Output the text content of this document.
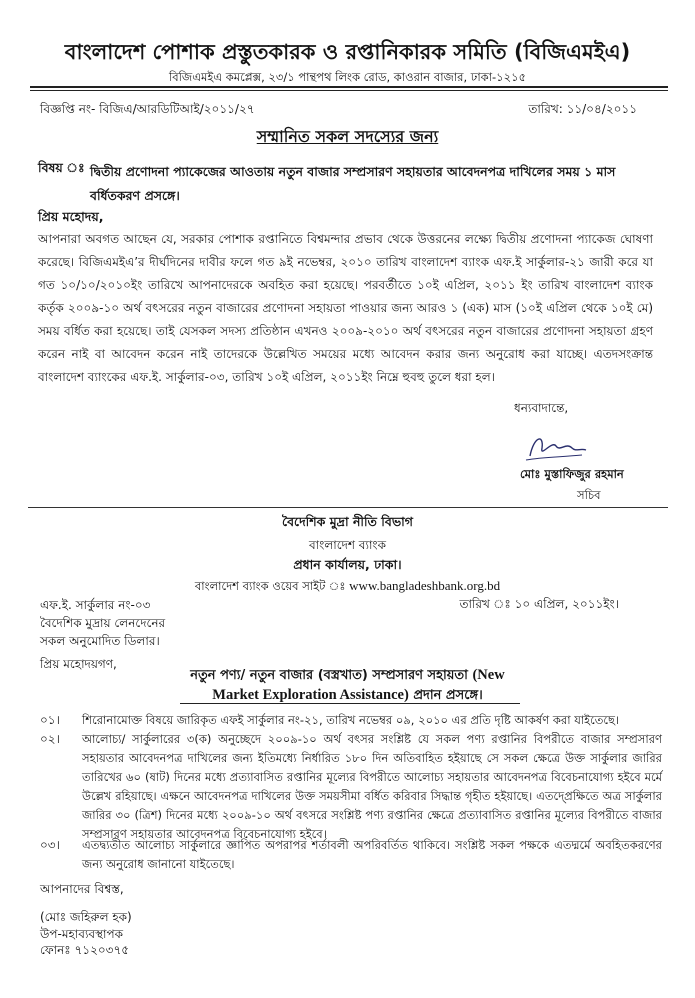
বাংলাদেশ পোশাক প্রস্তুতকারক ও রপ্তানিকারক সমিতি (বিজিএমইএ)
বিজিএমইএ কমপ্লেক্স, ২৩/১ পান্থপথ লিংক রোড, কাওরান বাজার, ঢাকা-১২১৫
বিজ্ঞপ্তি নং- বিজিএ/আরডিটিআই/২০১১/২৭	তারিখ: ১১/০৪/২০১১
সম্মানিত সকল সদস্যের জন্য
বিষয় ঃ দ্বিতীয় প্রণোদনা প্যাকেজের আওতায় নতুন বাজার সম্প্রসারণ সহায়তার আবেদনপত্র দাখিলের সময় ১ মাস বর্ধিতকরণ প্রসঙ্গে।
প্রিয় মহোদয়,
আপনারা অবগত আছেন যে, সরকার পোশাক রপ্তানিতে বিশ্বমন্দার প্রভাব থেকে উত্তরনের লক্ষ্যে দ্বিতীয় প্রণোদনা প্যাকেজ ঘোষণা করেছে। বিজিএমইএ’র দীর্ঘদিনের দাবীর ফলে গত ৯ই নভেম্বর, ২০১০ তারিখ বাংলাদেশ ব্যাংক এফ.ই সার্কুলার-২১ জারী করে যা গত ১০/১০/২০১০ইং তারিখে আপনাদেরকে অবহিত করা হয়েছে। পরবর্তীতে ১০ই এপ্রিল, ২০১১ ইং তারিখ বাংলাদেশ ব্যাংক কর্তৃক ২০০৯-১০ অর্থ বৎসরের নতুন বাজারের প্রণোদনা সহায়তা পাওয়ার জন্য আরও ১ (এক) মাস (১০ই এপ্রিল থেকে ১০ই মে) সময় বর্ধিত করা হয়েছে। তাই যেসকল সদস্য প্রতিষ্ঠান এখনও ২০০৯-২০১০ অর্থ বৎসরের নতুন বাজারের প্রণোদনা সহায়তা গ্রহণ করেন নাই বা আবেদন করেন নাই তাদেরকে উল্লেখিত সময়ের মধ্যে আবেদন করার জন্য অনুরোধ করা যাচ্ছে। এতদসংক্রান্ত বাংলাদেশ ব্যাংকের এফ.ই. সার্কুলার-০৩, তারিখ ১০ই এপ্রিল, ২০১১ইং নিম্নে হুবহু তুলে ধরা হল।
ধন্যবাদান্তে,
মোঃ মুস্তাফিজুর রহমান
সচিব
বৈদেশিক মুদ্রা নীতি বিভাগ
বাংলাদেশ ব্যাংক
প্রধান কার্যালয়, ঢাকা।
বাংলাদেশ ব্যাংক ওয়েব সাইট ঃ www.bangladeshbank.org.bd
এফ.ই. সার্কুলার নং-০৩	তারিখ ঃ ১০ এপ্রিল, ২০১১ইং।
বৈদেশিক মুদ্রায় লেনদেনের
সকল অনুমোদিত ডিলার।
প্রিয় মহোদয়গণ,
নতুন পণ্য/ নতুন বাজার (বস্ত্রখাত) সম্প্রসারণ সহায়তা (New
Market Exploration Assistance) প্রদান প্রসঙ্গে।
০১। শিরোনামোক্ত বিষয়ে জারিকৃত এফই সার্কুলার নং-২১, তারিখ নভেম্বর ০৯, ২০১০ এর প্রতি দৃষ্টি আকর্ষণ করা যাইতেছে।
০২। আলোচ্য/ সার্কুলারের ৩(ক) অনুচ্ছেদে ২০০৯-১০ অর্থ বৎসর সংশ্লিষ্ট যে সকল পণ্য রপ্তানির বিপরীতে বাজার সম্প্রসারণ সহায়তার আবেদনপত্র দাখিলের জন্য ইতিমধ্যে নির্ধারিত ১৮০ দিন অতিবাহিত হইয়াছে সে সকল ক্ষেত্রে উক্ত সার্কুলার জারির তারিখের ৬০ (ষাট) দিনের মধ্যে প্রত্যাবাসিত রপ্তানির মূল্যের বিপরীতে আলোচ্য সহায়তার আবেদনপত্র বিবেচনাযোগ্য হইবে মর্মে উল্লেখ রহিয়াছে। এক্ষনে আবেদনপত্র দাখিলের উক্ত সময়সীমা বর্ধিত করিবার সিদ্ধান্ত গৃহীত হইয়াছে। এতদ্প্রেক্ষিতে অত্র সার্কুলার জারির ৩০ (ত্রিশ) দিনের মধ্যে ২০০৯-১০ অর্থ বৎসরে সংশ্লিষ্ট পণ্য রপ্তানির ক্ষেত্রে প্রত্যাবাসিত রপ্তানির মূল্যের বিপরীতে বাজার সম্প্রসারণ সহায়তার আবেদনপত্র বিবেচনাযোগ্য হইবে।
০৩। এতদ্ব্যতীত আলোচ্য সার্কুলারে জ্ঞাপিত অপরাপর শর্তাবলী অপরিবর্তিত থাকিবে। সংশ্লিষ্ট সকল পক্ষকে এতদ্মর্মে অবহিতকরণের জন্য অনুরোধ জানানো যাইতেছে।
আপনাদের বিশ্বস্ত,
(মোঃ জহিরুল হক)
উপ-মহাব্যবস্থাপক
ফোনঃ ৭১২০৩৭৫
